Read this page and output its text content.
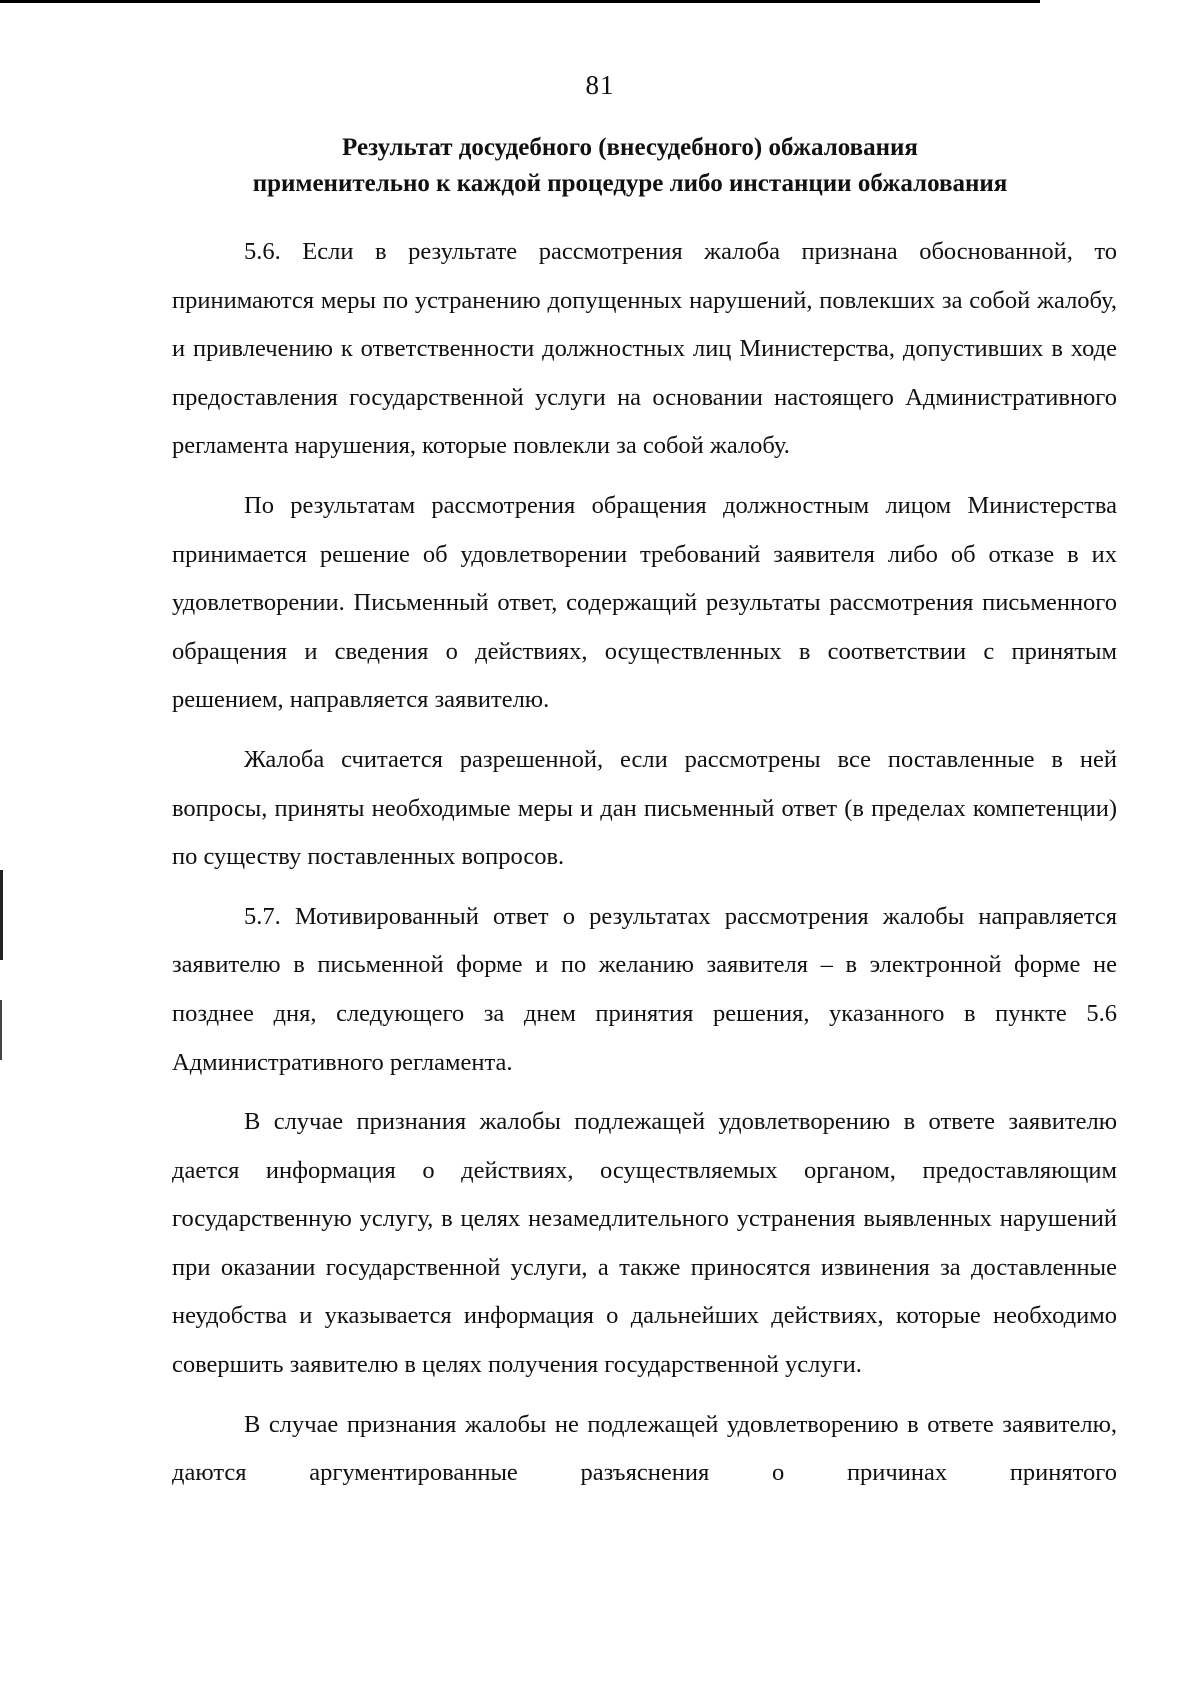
81
Результат досудебного (внесудебного) обжалования
применительно к каждой процедуре либо инстанции обжалования

5.6. Если в результате рассмотрения жалоба признана обоснованной, то принимаются меры по устранению допущенных нарушений, повлекших за собой жалобу, и привлечению к ответственности должностных лиц Министерства, допустивших в ходе предоставления государственной услуги на основании настоящего Административного регламента нарушения, которые повлекли за собой жалобу.

По результатам рассмотрения обращения должностным лицом Министерства принимается решение об удовлетворении требований заявителя либо об отказе в их удовлетворении. Письменный ответ, содержащий результаты рассмотрения письменного обращения и сведения о действиях, осуществленных в соответствии с принятым решением, направляется заявителю.

Жалоба считается разрешенной, если рассмотрены все поставленные в ней вопросы, приняты необходимые меры и дан письменный ответ (в пределах компетенции) по существу поставленных вопросов.

5.7. Мотивированный ответ о результатах рассмотрения жалобы направляется заявителю в письменной форме и по желанию заявителя – в электронной форме не позднее дня, следующего за днем принятия решения, указанного в пункте 5.6 Административного регламента.

В случае признания жалобы подлежащей удовлетворению в ответе заявителю дается информация о действиях, осуществляемых органом, предоставляющим государственную услугу, в целях незамедлительного устранения выявленных нарушений при оказании государственной услуги, а также приносятся извинения за доставленные неудобства и указывается информация о дальнейших действиях, которые необходимо совершить заявителю в целях получения государственной услуги.

В случае признания жалобы не подлежащей удовлетворению в ответе заявителю, даются аргументированные разъяснения о причинах принятого
